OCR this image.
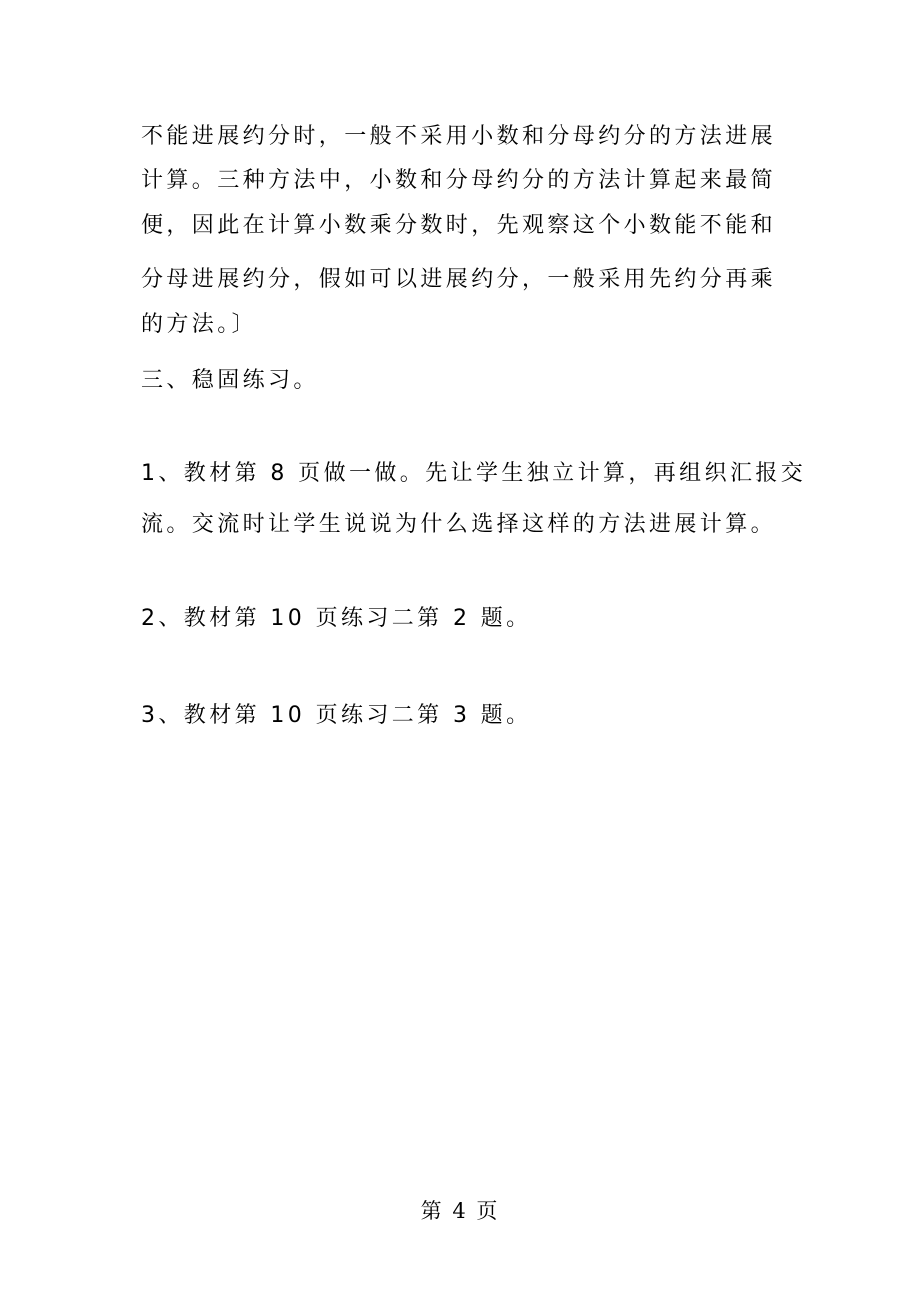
不能进展约分时，一般不采用小数和分母约分的方法进展
计算。三种方法中，小数和分母约分的方法计算起来最简
便，因此在计算小数乘分数时，先观察这个小数能不能和
分母进展约分，假如可以进展约分，一般采用先约分再乘
的方法。〕
三、稳固练习。
1、教材第 8 页做一做。先让学生独立计算，再组织汇报交
流。交流时让学生说说为什么选择这样的方法进展计算。
2、教材第 10 页练习二第 2 题。
3、教材第 10 页练习二第 3 题。
第 4 页
